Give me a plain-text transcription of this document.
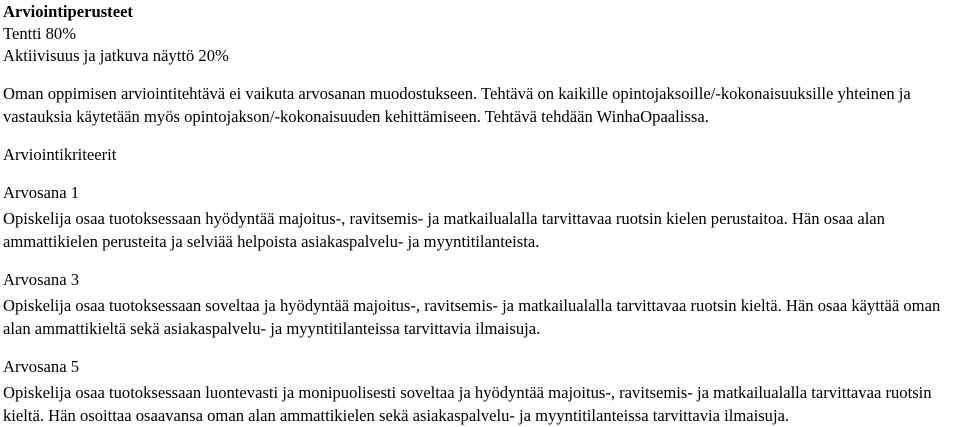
Arviointiperusteet
Tentti 80%
Aktiivisuus ja jatkuva näyttö 20%
Oman oppimisen arviointitehtävä ei vaikuta arvosanan muodostukseen. Tehtävä on kaikille opintojaksoille/-kokonaisuuksille yhteinen ja vastauksia käytetään myös opintojakson/-kokonaisuuden kehittämiseen. Tehtävä tehdään WinhaOpaalissa.
Arviointikriteerit
Arvosana 1
Opiskelija osaa tuotoksessaan hyödyntää majoitus-, ravitsemis- ja matkailualalla tarvittavaa ruotsin kielen perustaitoa. Hän osaa alan ammattikielen perusteita ja selviää helpoista asiakaspalvelu- ja myyntitilanteista.
Arvosana 3
Opiskelija osaa tuotoksessaan soveltaa ja hyödyntää majoitus-, ravitsemis- ja matkailualalla tarvittavaa ruotsin kieltä. Hän osaa käyttää oman alan ammattikieltä sekä asiakaspalvelu- ja myyntitilanteissa tarvittavia ilmaisuja.
Arvosana 5
Opiskelija osaa tuotoksessaan luontevasti ja monipuolisesti soveltaa ja hyödyntää majoitus-, ravitsemis- ja matkailualalla tarvittavaa ruotsin kieltä. Hän osoittaa osaavansa oman alan ammattikielen sekä asiakaspalvelu- ja myyntitilanteissa tarvittavia ilmaisuja.
